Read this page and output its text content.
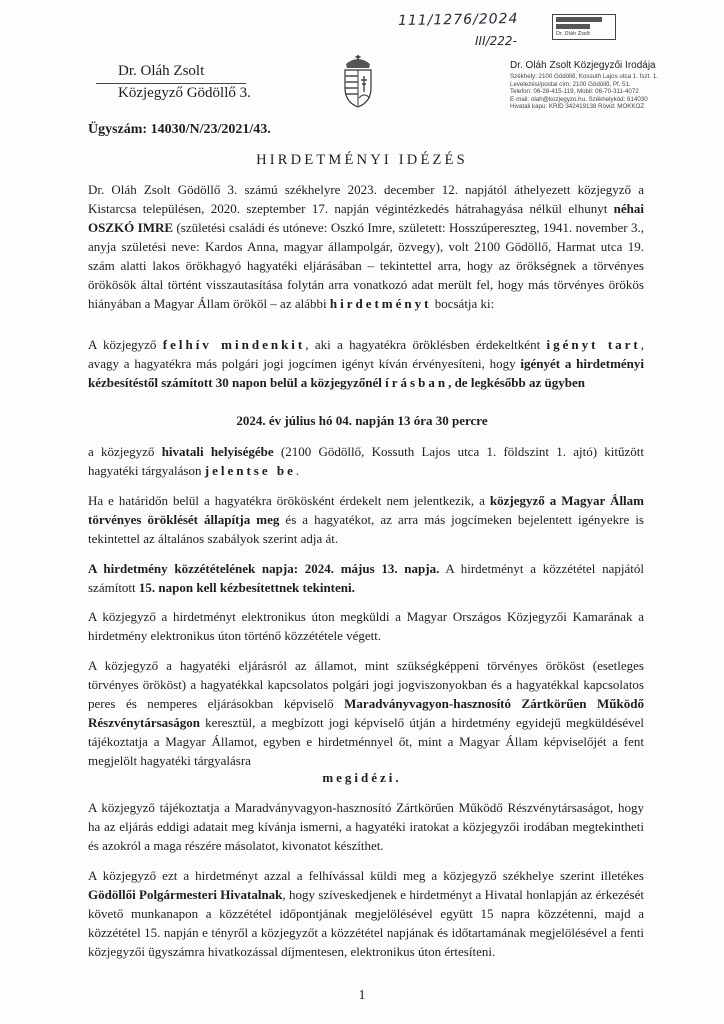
111/1276/2024
III/222-	Dr. Oláh Zsolt
Dr. Oláh Zsolt
Közjegyző Gödöllő 3.
Dr. Oláh Zsolt Közjegyzői Irodája
Székhely: 2100 Gödöllő, Kossuth Lajos utca 1. fszt. 1.
Levelezési/postai cím: 2100 Gödöllő, Pf. 51.
Telefon: 06-28-415-119, Mobil: 06-70-311-4072
E-mail: olah@kozjegyzo.hu, Székhelykód: 614030
Hivatali kapu: KRID 342419138 Rövid: MOKKOZ
Ügyszám: 14030/N/23/2021/43.
HIRDETMÉNYI IDÉZÉS

Dr. Oláh Zsolt Gödöllő 3. számú székhelyre 2023. december 12. napjától áthelyezett közjegyző a Kistarcsa településen, 2020. szeptember 17. napján végintézkedés hátrahagyása nélkül elhunyt néhai OSZKÓ IMRE (születési családi és utóneve: Oszkó Imre, született: Hosszúpereszteg, 1941. november 3., anyja születési neve: Kardos Anna, magyar állampolgár, özvegy), volt 2100 Gödöllő, Harmat utca 19. szám alatti lakos örökhagyó hagyatéki eljárásában – tekintettel arra, hogy az örökségnek a törvényes örökösök által történt visszautasítása folytán arra vonatkozó adat merült fel, hogy más törvényes örökös hiányában a Magyar Állam örököl – az alábbi hirdetményt bocsátja ki:

A közjegyző felhív mindenkit, aki a hagyatékra öröklésben érdekeltként igényt tart, avagy a hagyatékra más polgári jogi jogcímen igényt kíván érvényesíteni, hogy igényét a hirdetményi kézbesítéstől számított 30 napon belül a közjegyzőnél írásban, de legkésőbb az ügyben

2024. év július hó 04. napján 13 óra 30 percre

a közjegyző hivatali helyiségébe (2100 Gödöllő, Kossuth Lajos utca 1. földszint 1. ajtó) kitűzött hagyatéki tárgyaláson jelentse be.

Ha e határidőn belül a hagyatékra örökösként érdekelt nem jelentkezik, a közjegyző a Magyar Állam törvényes öröklését állapítja meg és a hagyatékot, az arra más jogcímeken bejelentett igényekre is tekintettel az általános szabályok szerint adja át.

A hirdetmény közzétételének napja: 2024. május 13. napja. A hirdetményt a közzététel napjától számított 15. napon kell kézbesítettnek tekinteni.

A közjegyző a hirdetményt elektronikus úton megküldi a Magyar Országos Közjegyzői Kamarának a hirdetmény elektronikus úton történő közzététele végett.

A közjegyző a hagyatéki eljárásról az államot, mint szükségképpeni törvényes örököst (esetleges törvényes örököst) a hagyatékkal kapcsolatos polgári jogi jogviszonyokban és a hagyatékkal kapcsolatos peres és nemperes eljárásokban képviselő Maradványvagyon-hasznosító Zártkörűen Működő Részvénytársaságon keresztül, a megbízott jogi képviselő útján a hirdetmény egyidejű megküldésével tájékoztatja a Magyar Államot, egyben e hirdetménnyel őt, mint a Magyar Állam képviselőjét a fent megjelölt hagyatéki tárgyalásra

megidézi.

A közjegyző tájékoztatja a Maradványvagyon-hasznosító Zártkörűen Működő Részvénytársaságot, hogy ha az eljárás eddigi adatait meg kívánja ismerni, a hagyatéki iratokat a közjegyzői irodában megtekintheti és azokról a maga részére másolatot, kivonatot készíthet.

A közjegyző ezt a hirdetményt azzal a felhívással küldi meg a közjegyző székhelye szerint illetékes Gödöllői Polgármesteri Hivatalnak, hogy szíveskedjenek e hirdetményt a Hivatal honlapján az érkezését követő munkanapon a közzététel időpontjának megjelölésével együtt 15 napra közzétenni, majd a közzététel 15. napján e tényről a közjegyzőt a közzététel napjának és időtartamának megjelölésével a fenti közjegyzői ügyszámra hivatkozással díjmentesen, elektronikus úton értesíteni.

1
